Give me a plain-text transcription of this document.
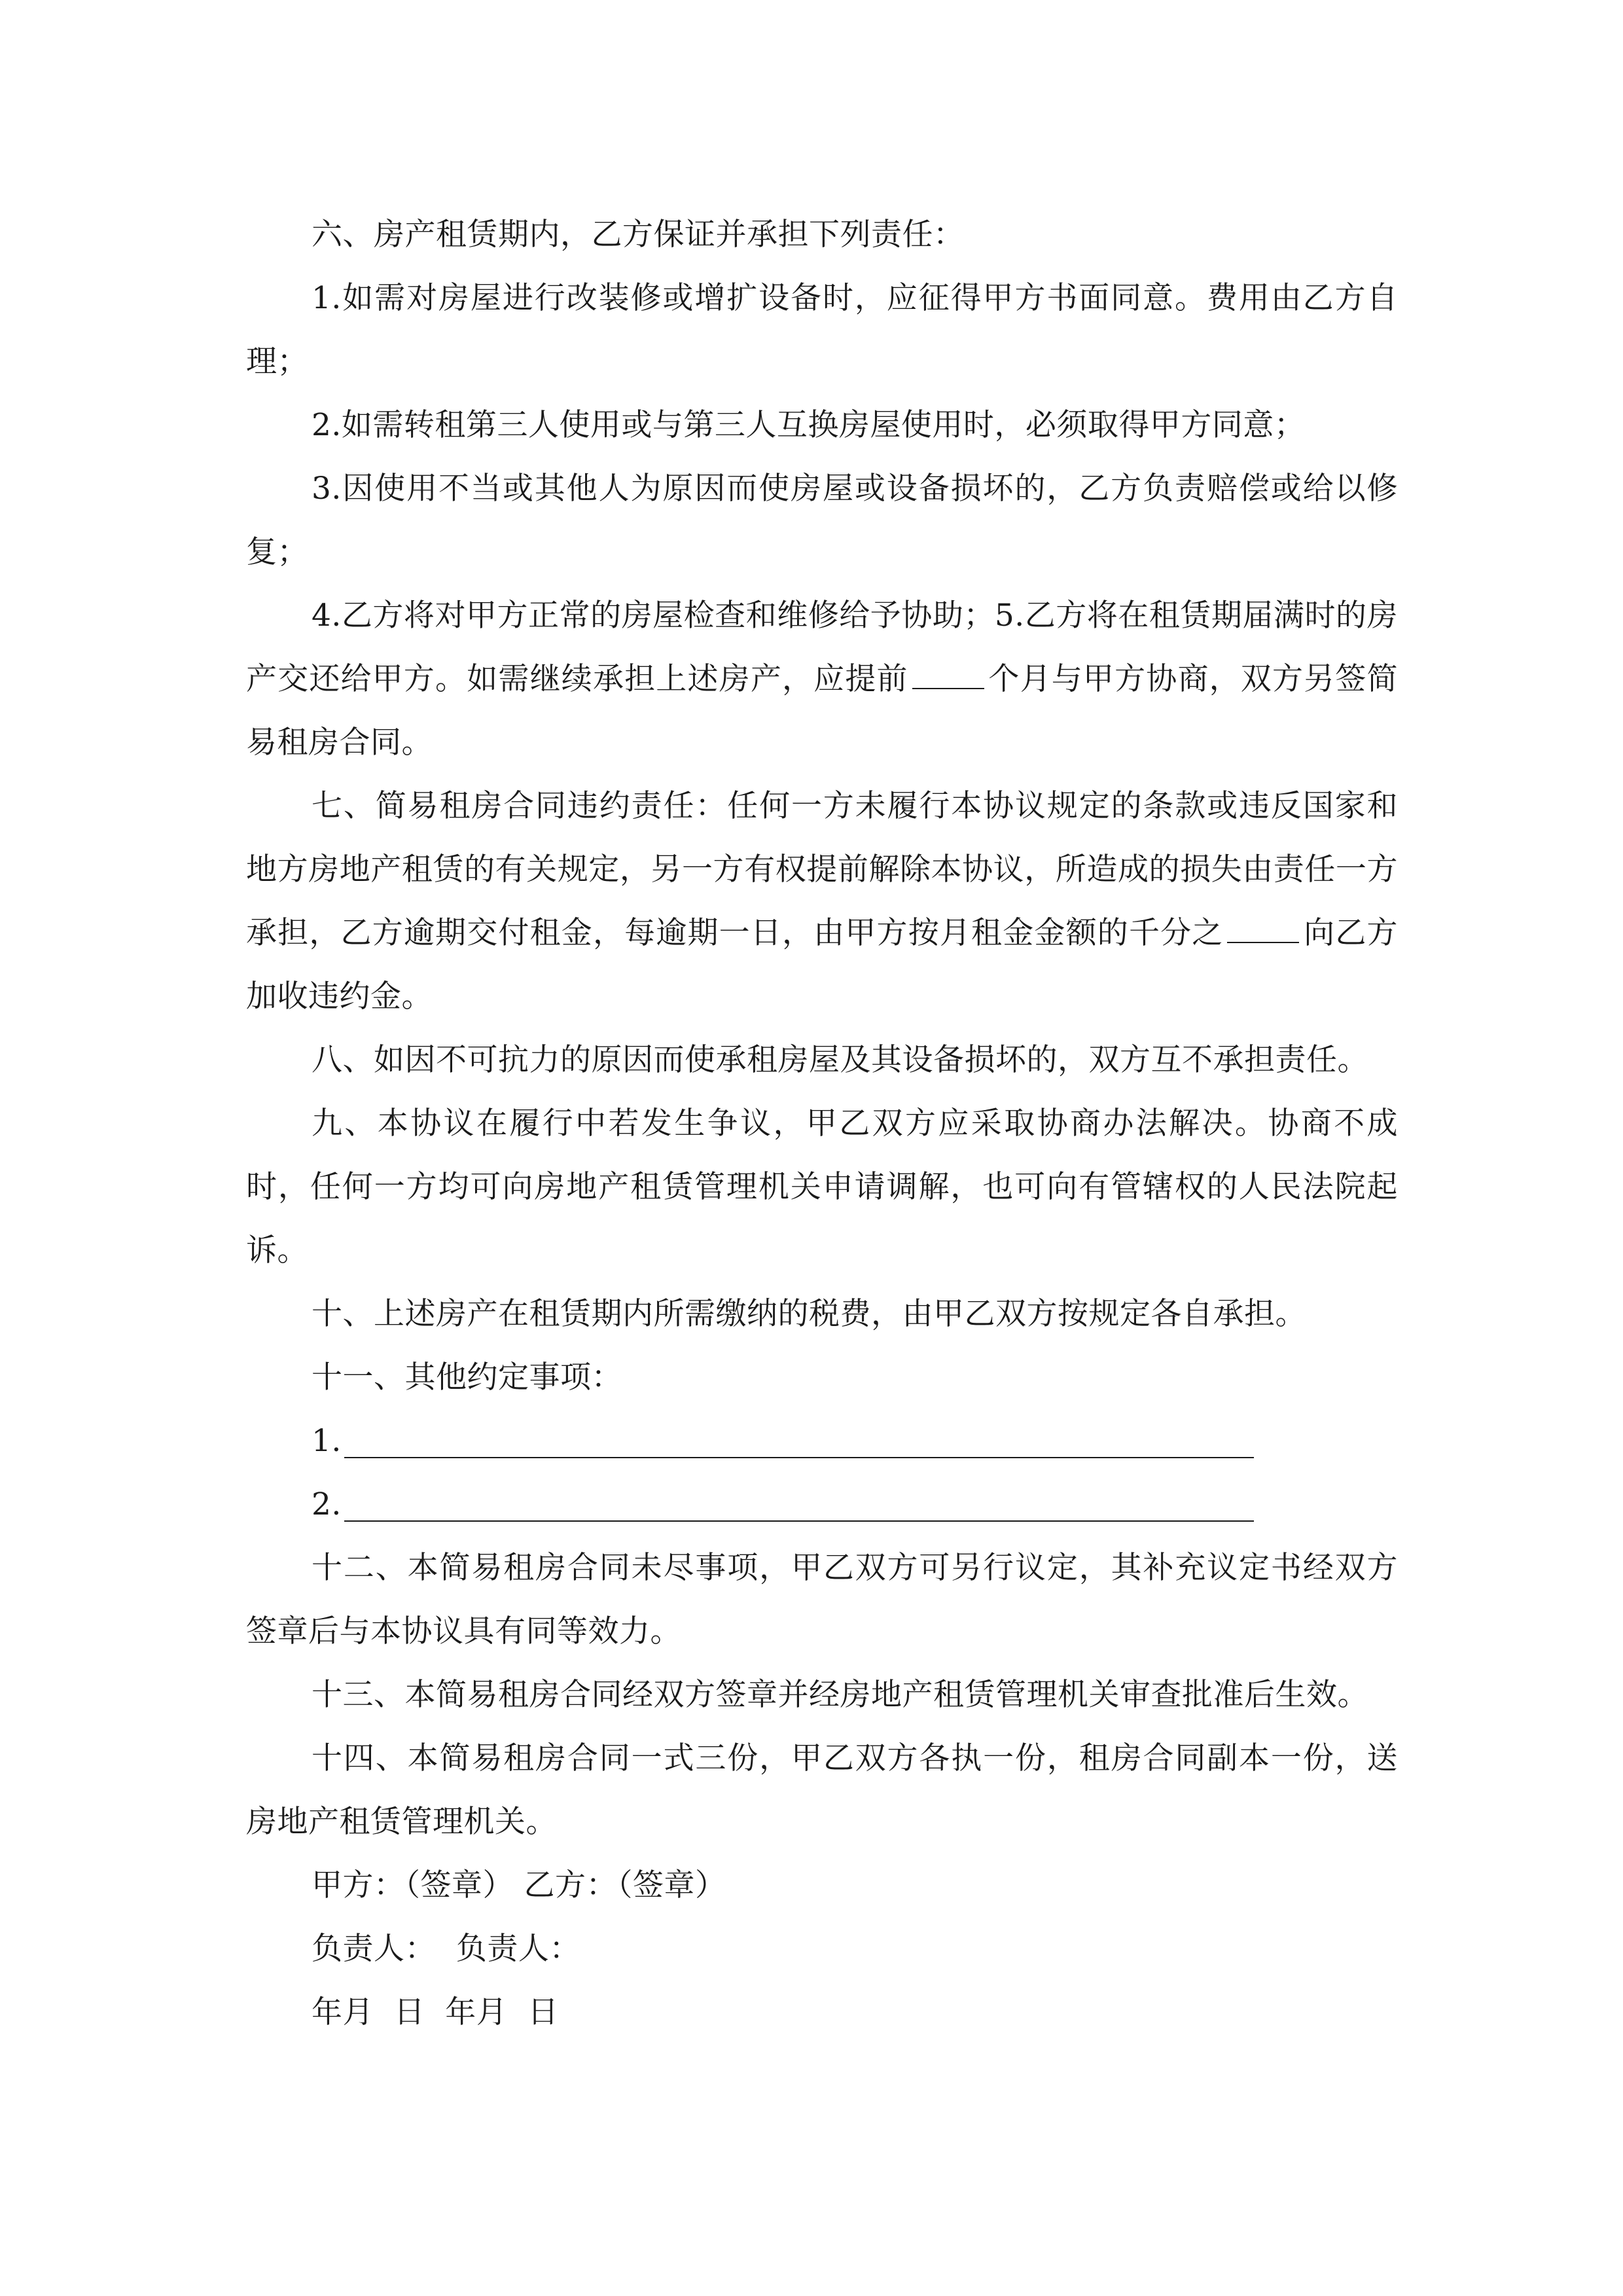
六、房产租赁期内，乙方保证并承担下列责任：

1.如需对房屋进行改装修或增扩设备时，应征得甲方书面同意。费用由乙方自理；

2.如需转租第三人使用或与第三人互换房屋使用时，必须取得甲方同意；

3.因使用不当或其他人为原因而使房屋或设备损坏的，乙方负责赔偿或给以修复；

4.乙方将对甲方正常的房屋检查和维修给予协助；5.乙方将在租赁期届满时的房产交还给甲方。如需继续承担上述房产，应提前	个月与甲方协商，双方另签简易租房合同。

七、简易租房合同违约责任：任何一方未履行本协议规定的条款或违反国家和地方房地产租赁的有关规定，另一方有权提前解除本协议，所造成的损失由责任一方承担，乙方逾期交付租金，每逾期一日，由甲方按月租金金额的千分之	向乙方加收违约金。

八、如因不可抗力的原因而使承租房屋及其设备损坏的，双方互不承担责任。

九、本协议在履行中若发生争议，甲乙双方应采取协商办法解决。协商不成时，任何一方均可向房地产租赁管理机关申请调解，也可向有管辖权的人民法院起诉。

十、上述房产在租赁期内所需缴纳的税费，由甲乙双方按规定各自承担。

十一、其他约定事项：

1.
2.

十二、本简易租房合同未尽事项，甲乙双方可另行议定，其补充议定书经双方签章后与本协议具有同等效力。

十三、本简易租房合同经双方签章并经房地产租赁管理机关审查批准后生效。

十四、本简易租房合同一式三份，甲乙双方各执一份，租房合同副本一份，送房地产租赁管理机关。

甲方：（签章） 乙方：（签章）

负责人：  负责人：

年月  日  年月  日
